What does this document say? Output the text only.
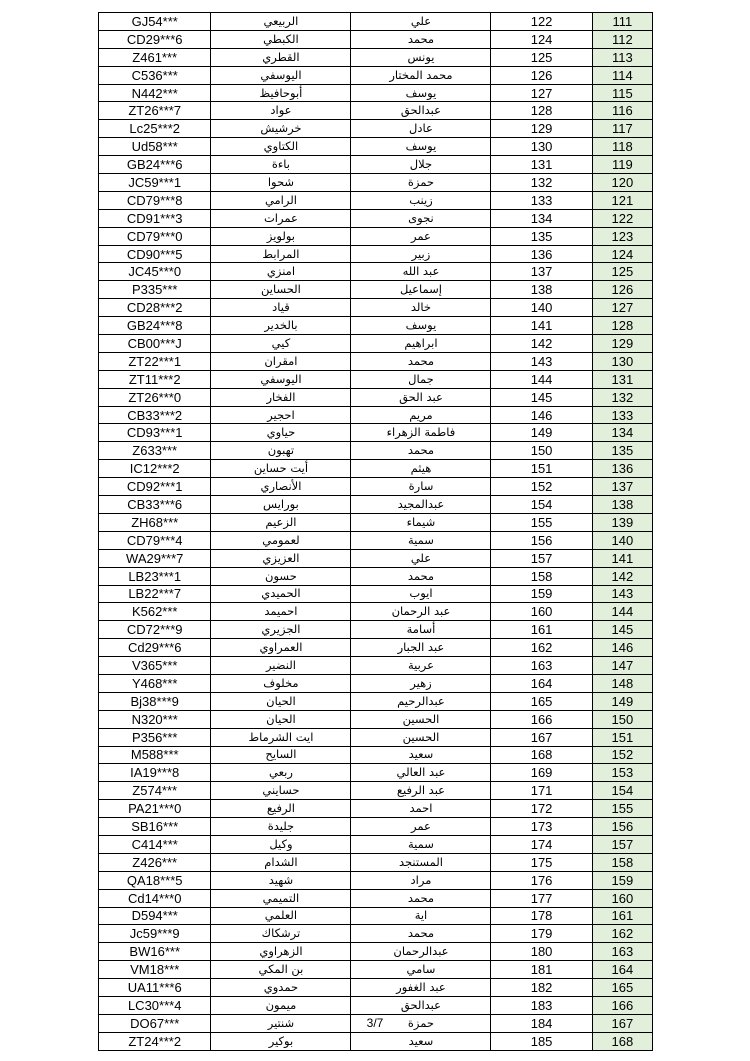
GJ54***	الربيعي	علي	122	111
CD29***6	الكبطي	محمد	124	112
Z461***	القطري	يونس	125	113
C536***	اليوسفي	محمد المختار	126	114
N442***	أبوحافيظ	يوسف	127	115
ZT26***7	عواد	عبدالحق	128	116
Lc25***2	خرشيش	عادل	129	117
Ud58***	الكتاوي	يوسف	130	118
GB24***6	باءة	جلال	131	119
JC59***1	شحوا	حمزة	132	120
CD79***8	الرامي	زينب	133	121
CD91***3	عمرات	نجوى	134	122
CD79***0	بولويز	عمر	135	123
CD90***5	المرابط	زبير	136	124
JC45***0	امنزي	عبد الله	137	125
P335***	الحساين	إسماعيل	138	126
CD28***2	قياد	خالد	140	127
GB24***8	بالخدير	يوسف	141	128
CB00***J	كيي	ابراهيم	142	129
ZT22***1	امقران	محمد	143	130
ZT11***2	اليوسفي	جمال	144	131
ZT26***0	الفخار	عبد الحق	145	132
CB33***2	احجير	مريم	146	133
CD93***1	حياوي	فاطمة الزهراء	149	134
Z633***	تهبون	محمد	150	135
IC12***2	أيت حساين	هيثم	151	136
CD92***1	الأنصاري	سارة	152	137
CB33***6	بورايس	عبدالمجيد	154	138
ZH68***	الزعيم	شيماء	155	139
CD79***4	لعمومي	سمية	156	140
WA29***7	العزيزي	علي	157	141
LB23***1	حسون	محمد	158	142
LB22***7	الحميدي	ايوب	159	143
K562***	احميمد	عبد الرحمان	160	144
CD72***9	الجزيري	أسامة	161	145
Cd29***6	العمراوي	عبد الجبار	162	146
V365***	النضير	عربية	163	147
Y468***	مخلوف	زهير	164	148
Bj38***9	الحيان	عبدالرحيم	165	149
N320***	الحيان	الحسين	166	150
P356***	ايت الشرماط	الحسين	167	151
M588***	السايح	سعيد	168	152
IA19***8	ربعي	عبد العالي	169	153
Z574***	حسايني	عبد الرفيع	171	154
PA21***0	الرفيع	احمد	172	155
SB16***	جليدة	عمر	173	156
C414***	وكيل	سمية	174	157
Z426***	الشدام	المستنجد	175	158
QA18***5	شهيد	مراد	176	159
Cd14***0	التميمي	محمد	177	160
D594***	العلمي	اية	178	161
Jc59***9	ترشكاك	محمد	179	162
BW16***	الزهراوي	عبدالرحمان	180	163
VM18***	بن المكي	سامي	181	164
UA11***6	حمدوي	عبد الغفور	182	165
LC30***4	ميمون	عبدالحق	183	166
DO67***	شنتير	حمزة	184	167
ZT24***2	بوكير	سعيد	185	168
3/7
